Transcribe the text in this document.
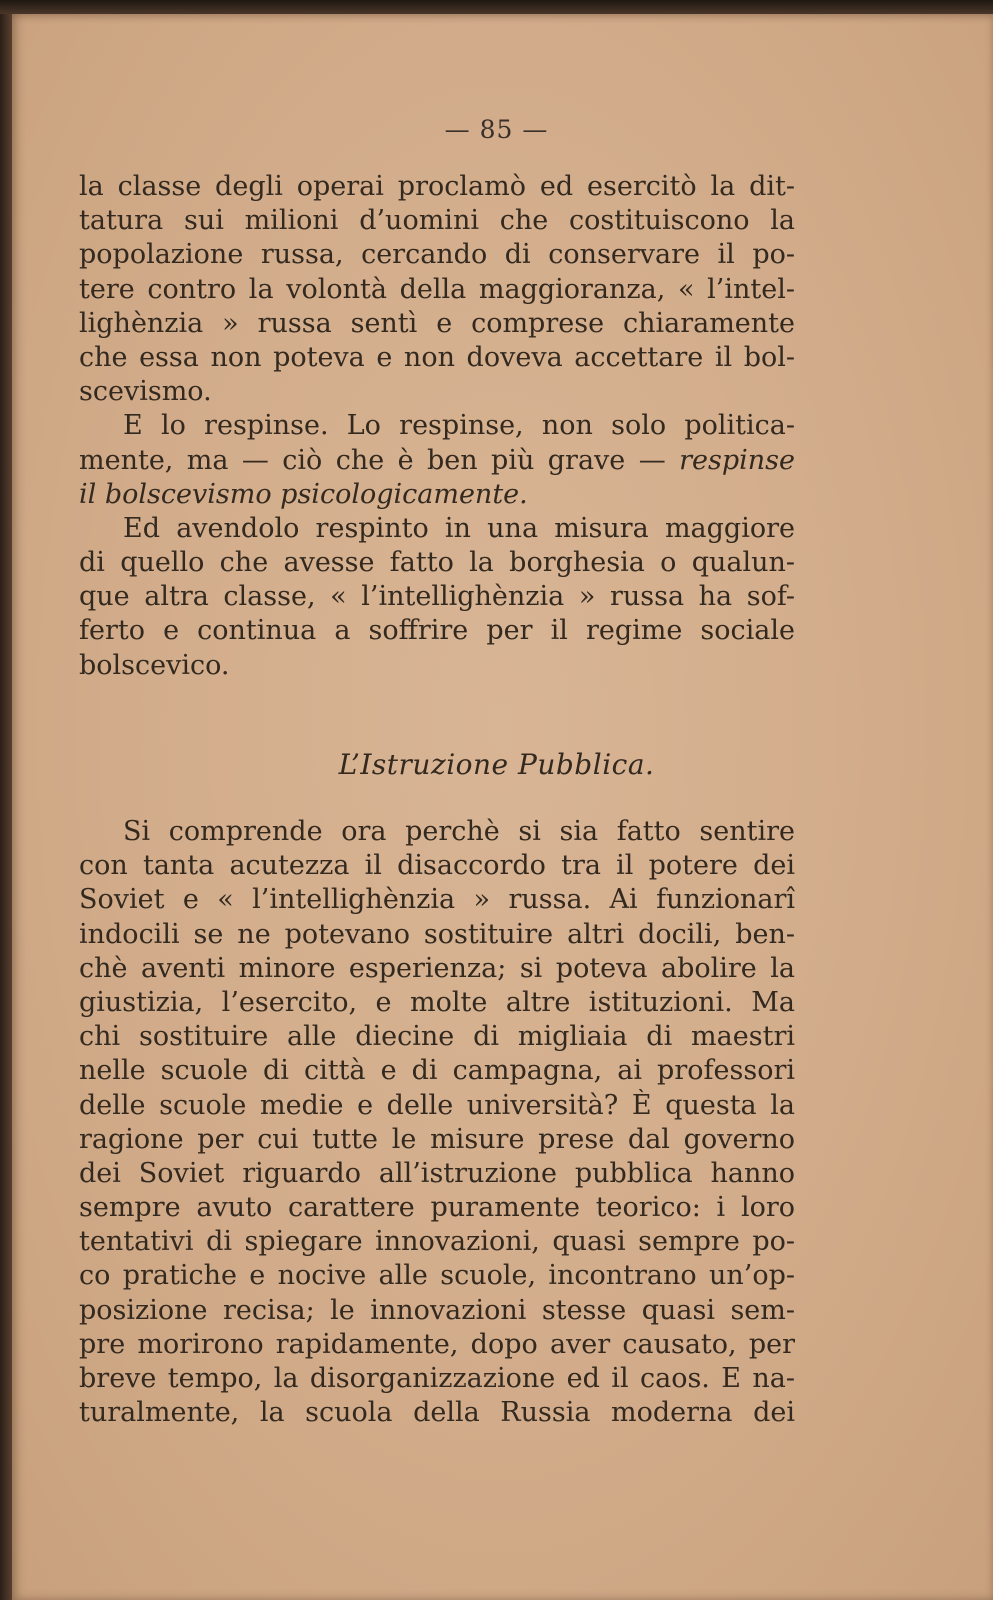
— 85 —
la classe degli operai proclamò ed esercitò la dit-
tatura sui milioni d’uomini che costituiscono la
popolazione russa, cercando di conservare il po-
tere contro la volontà della maggioranza, « l’intel-
lighènzia » russa sentì e comprese chiaramente
che essa non poteva e non doveva accettare il bol-
scevismo.
E lo respinse. Lo respinse, non solo politica-
mente, ma — ciò che è ben più grave — respinse
il bolscevismo psicologicamente.
Ed avendolo respinto in una misura maggiore
di quello che avesse fatto la borghesia o qualun-
que altra classe, « l’intellighènzia » russa ha sof-
ferto e continua a soffrire per il regime sociale
bolscevico.
L’Istruzione Pubblica.
Si comprende ora perchè si sia fatto sentire
con tanta acutezza il disaccordo tra il potere dei
Soviet e « l’intellighènzia » russa. Ai funzionarî
indocili se ne potevano sostituire altri docili, ben-
chè aventi minore esperienza; si poteva abolire la
giustizia, l’esercito, e molte altre istituzioni. Ma
chi sostituire alle diecine di migliaia di maestri
nelle scuole di città e di campagna, ai professori
delle scuole medie e delle università? È questa la
ragione per cui tutte le misure prese dal governo
dei Soviet riguardo all’istruzione pubblica hanno
sempre avuto carattere puramente teorico: i loro
tentativi di spiegare innovazioni, quasi sempre po-
co pratiche e nocive alle scuole, incontrano un’op-
posizione recisa; le innovazioni stesse quasi sem-
pre morirono rapidamente, dopo aver causato, per
breve tempo, la disorganizzazione ed il caos. E na-
turalmente, la scuola della Russia moderna dei
